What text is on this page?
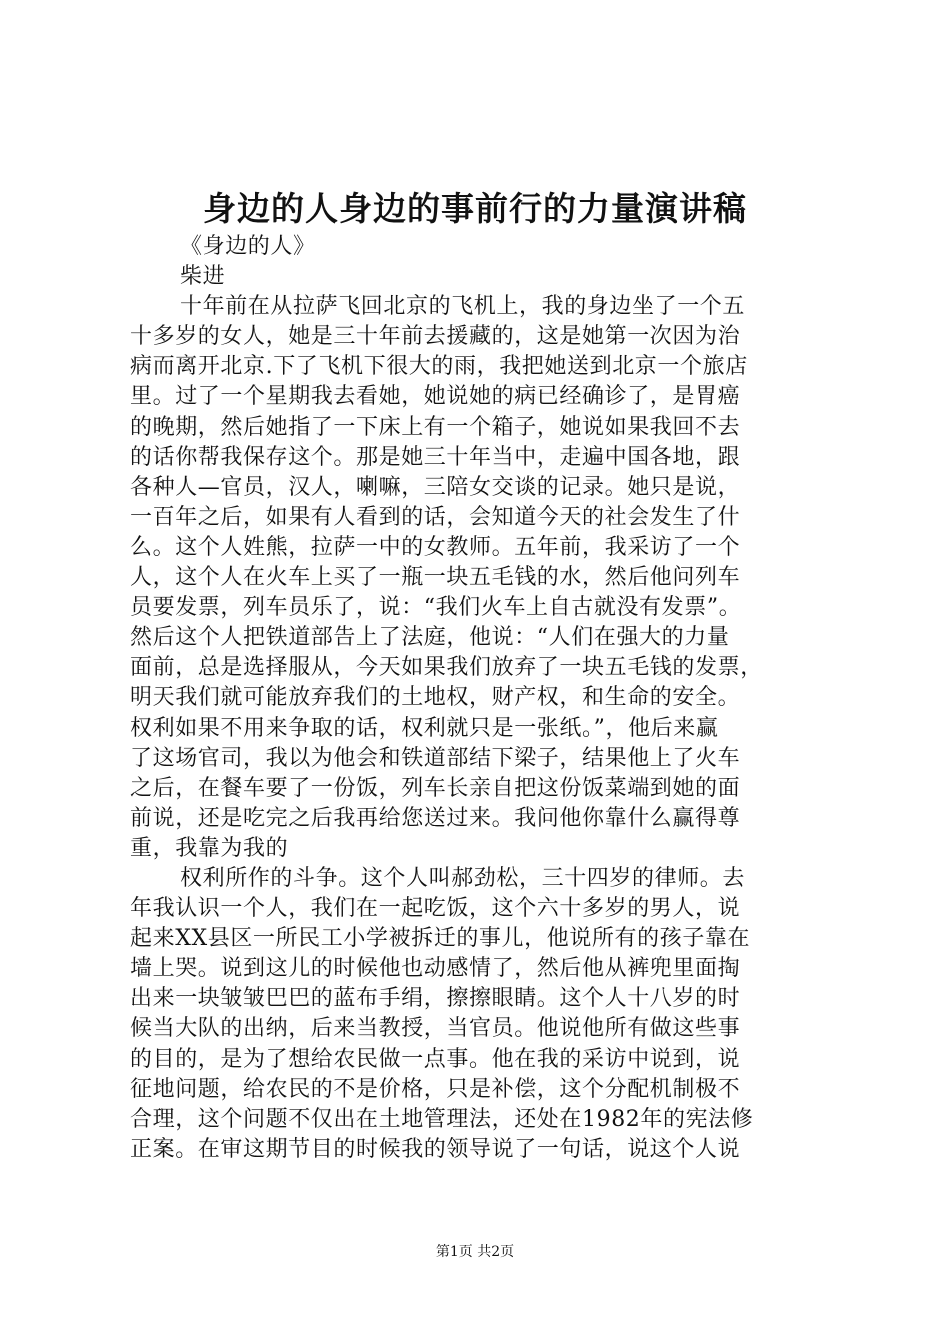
身边的人身边的事前行的力量演讲稿
《身边的人》
柴进
十年前在从拉萨飞回北京的飞机上，我的身边坐了一个五
十多岁的女人，她是三十年前去援藏的，这是她第一次因为治
病而离开北京.下了飞机下很大的雨，我把她送到北京一个旅店
里。过了一个星期我去看她，她说她的病已经确诊了，是胃癌
的晚期，然后她指了一下床上有一个箱子，她说如果我回不去
的话你帮我保存这个。那是她三十年当中，走遍中国各地，跟
各种人—官员，汉人，喇嘛，三陪女交谈的记录。她只是说，
一百年之后，如果有人看到的话，会知道今天的社会发生了什
么。这个人姓熊，拉萨一中的女教师。五年前，我采访了一个
人，这个人在火车上买了一瓶一块五毛钱的水，然后他问列车
员要发票，列车员乐了，说：“我们火车上自古就没有发票”。
然后这个人把铁道部告上了法庭，他说：“人们在强大的力量
面前，总是选择服从，今天如果我们放弃了一块五毛钱的发票，
明天我们就可能放弃我们的土地权，财产权，和生命的安全。
权利如果不用来争取的话，权利就只是一张纸。”，他后来赢
了这场官司，我以为他会和铁道部结下梁子，结果他上了火车
之后，在餐车要了一份饭，列车长亲自把这份饭菜端到她的面
前说，还是吃完之后我再给您送过来。我问他你靠什么赢得尊
重，我靠为我的
权利所作的斗争。这个人叫郝劲松，三十四岁的律师。去
年我认识一个人，我们在一起吃饭，这个六十多岁的男人，说
起来XX县区一所民工小学被拆迁的事儿，他说所有的孩子靠在
墙上哭。说到这儿的时候他也动感情了，然后他从裤兜里面掏
出来一块皱皱巴巴的蓝布手绢，擦擦眼睛。这个人十八岁的时
候当大队的出纳，后来当教授，当官员。他说他所有做这些事
的目的，是为了想给农民做一点事。他在我的采访中说到，说
征地问题，给农民的不是价格，只是补偿，这个分配机制极不
合理，这个问题不仅出在土地管理法，还处在1982年的宪法修
正案。在审这期节目的时候我的领导说了一句话，说这个人说
第1页 共2页
